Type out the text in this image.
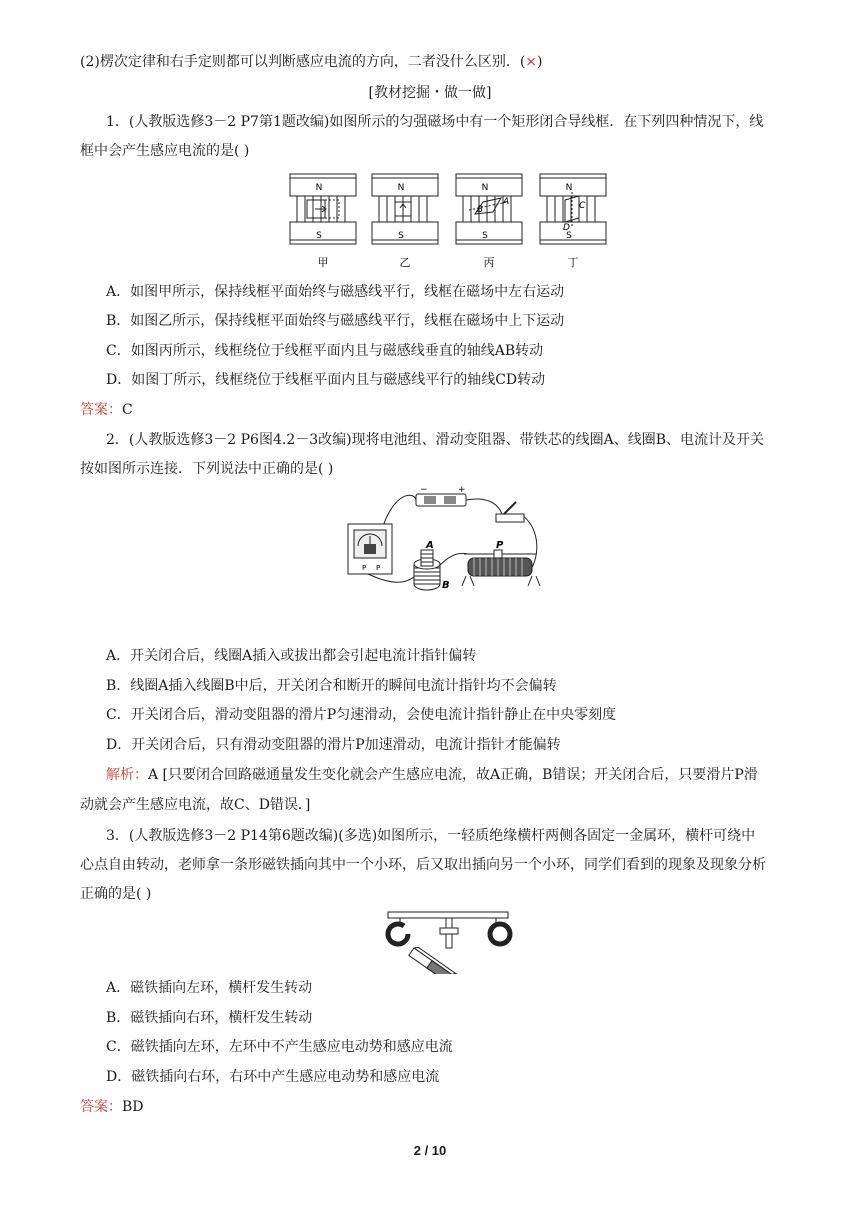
(2)楞次定律和右手定则都可以判断感应电流的方向，二者没什么区别．(×)
[教材挖掘・做一做]
1．(人教版选修3－2 P7第1题改编)如图所示的匀强磁场中有一个矩形闭合导线框．在下列四种情况下，线
框中会产生感应电流的是( )
N
S
甲
N
S
乙
B
A
N
S
丙
C
D
N
S
丁
A．如图甲所示，保持线框平面始终与磁感线平行，线框在磁场中左右运动
B．如图乙所示，保持线框平面始终与磁感线平行，线框在磁场中上下运动
C．如图丙所示，线框绕位于线框平面内且与磁感线垂直的轴线AB转动
D．如图丁所示，线框绕位于线框平面内且与磁感线平行的轴线CD转动
答案：C
2．(人教版选修3－2 P6图4.2－3改编)现将电池组、滑动变阻器、带铁芯的线圈A、线圈B、电流计及开关
按如图所示连接．下列说法中正确的是( )
−	+
P P
A
B
P
A．开关闭合后，线圈A插入或拔出都会引起电流计指针偏转
B．线圈A插入线圈B中后，开关闭合和断开的瞬间电流计指针均不会偏转
C．开关闭合后，滑动变阻器的滑片P匀速滑动，会使电流计指针静止在中央零刻度
D．开关闭合后，只有滑动变阻器的滑片P加速滑动，电流计指针才能偏转
解析：A [只要闭合回路磁通量发生变化就会产生感应电流，故A正确，B错误；开关闭合后，只要滑片P滑
动就会产生感应电流，故C、D错误．]
3．(人教版选修3－2 P14第6题改编)(多选)如图所示，一轻质绝缘横杆两侧各固定一金属环，横杆可绕中
心点自由转动，老师拿一条形磁铁插向其中一个小环，后又取出插向另一个小环，同学们看到的现象及现象分析
正确的是( )
A．磁铁插向左环，横杆发生转动
B．磁铁插向右环，横杆发生转动
C．磁铁插向左环，左环中不产生感应电动势和感应电流
D．磁铁插向右环，右环中产生感应电动势和感应电流
答案：BD
2 / 10
